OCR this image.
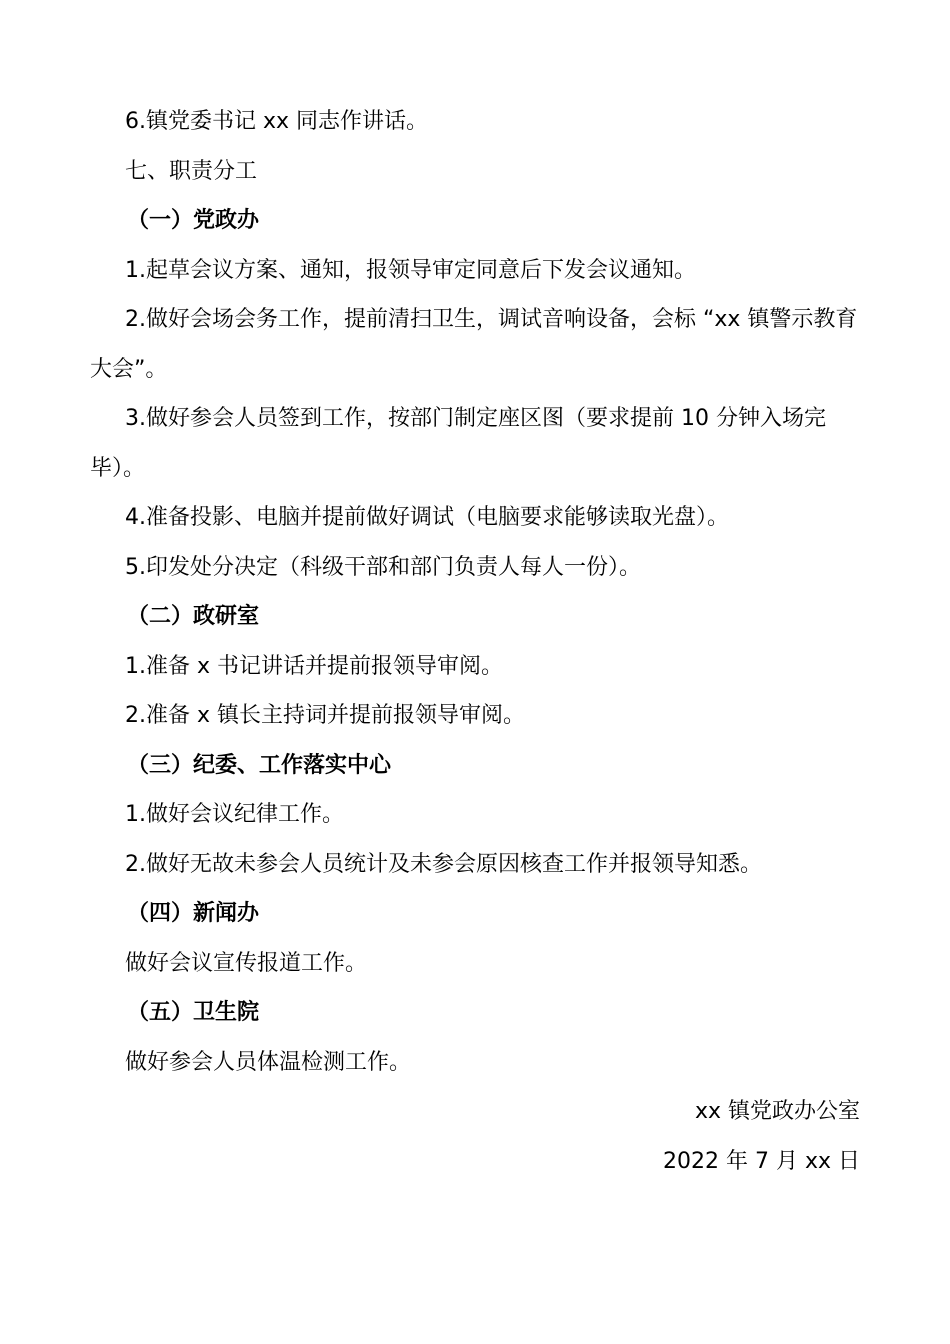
6.镇党委书记 xx 同志作讲话。
七、职责分工
（一）党政办
1.起草会议方案、通知，报领导审定同意后下发会议通知。
2.做好会场会务工作，提前清扫卫生，调试音响设备，会标 “xx 镇警示教育大会”。
3.做好参会人员签到工作，按部门制定座区图（要求提前 10 分钟入场完毕）。
4.准备投影、电脑并提前做好调试（电脑要求能够读取光盘）。
5.印发处分决定（科级干部和部门负责人每人一份）。
（二）政研室
1.准备 x 书记讲话并提前报领导审阅。
2.准备 x 镇长主持词并提前报领导审阅。
（三）纪委、工作落实中心
1.做好会议纪律工作。
2.做好无故未参会人员统计及未参会原因核查工作并报领导知悉。
（四）新闻办
做好会议宣传报道工作。
（五）卫生院
做好参会人员体温检测工作。
xx 镇党政办公室
2022 年 7 月 xx 日
